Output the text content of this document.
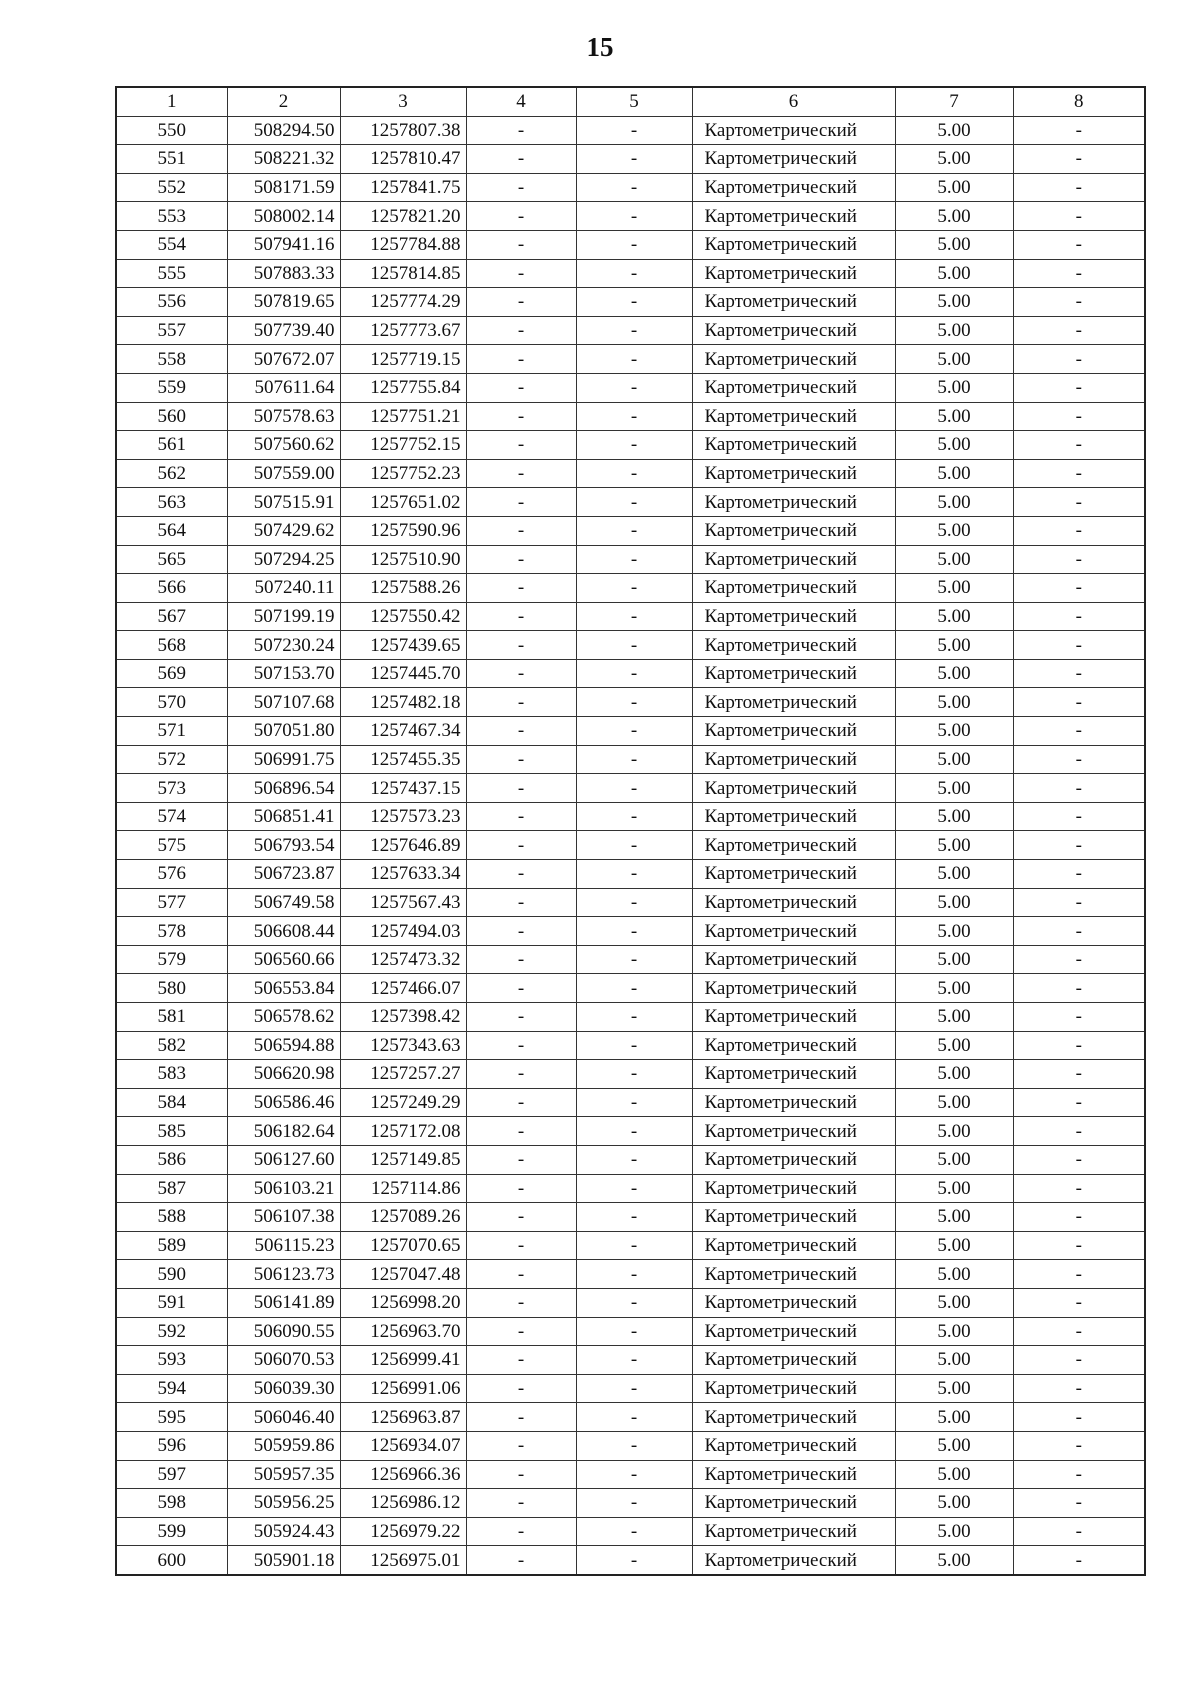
15
1	2	3	4	5	6	7	8
550	508294.50	1257807.38	-	-	Картометрический	5.00	-
551	508221.32	1257810.47	-	-	Картометрический	5.00	-
552	508171.59	1257841.75	-	-	Картометрический	5.00	-
553	508002.14	1257821.20	-	-	Картометрический	5.00	-
554	507941.16	1257784.88	-	-	Картометрический	5.00	-
555	507883.33	1257814.85	-	-	Картометрический	5.00	-
556	507819.65	1257774.29	-	-	Картометрический	5.00	-
557	507739.40	1257773.67	-	-	Картометрический	5.00	-
558	507672.07	1257719.15	-	-	Картометрический	5.00	-
559	507611.64	1257755.84	-	-	Картометрический	5.00	-
560	507578.63	1257751.21	-	-	Картометрический	5.00	-
561	507560.62	1257752.15	-	-	Картометрический	5.00	-
562	507559.00	1257752.23	-	-	Картометрический	5.00	-
563	507515.91	1257651.02	-	-	Картометрический	5.00	-
564	507429.62	1257590.96	-	-	Картометрический	5.00	-
565	507294.25	1257510.90	-	-	Картометрический	5.00	-
566	507240.11	1257588.26	-	-	Картометрический	5.00	-
567	507199.19	1257550.42	-	-	Картометрический	5.00	-
568	507230.24	1257439.65	-	-	Картометрический	5.00	-
569	507153.70	1257445.70	-	-	Картометрический	5.00	-
570	507107.68	1257482.18	-	-	Картометрический	5.00	-
571	507051.80	1257467.34	-	-	Картометрический	5.00	-
572	506991.75	1257455.35	-	-	Картометрический	5.00	-
573	506896.54	1257437.15	-	-	Картометрический	5.00	-
574	506851.41	1257573.23	-	-	Картометрический	5.00	-
575	506793.54	1257646.89	-	-	Картометрический	5.00	-
576	506723.87	1257633.34	-	-	Картометрический	5.00	-
577	506749.58	1257567.43	-	-	Картометрический	5.00	-
578	506608.44	1257494.03	-	-	Картометрический	5.00	-
579	506560.66	1257473.32	-	-	Картометрический	5.00	-
580	506553.84	1257466.07	-	-	Картометрический	5.00	-
581	506578.62	1257398.42	-	-	Картометрический	5.00	-
582	506594.88	1257343.63	-	-	Картометрический	5.00	-
583	506620.98	1257257.27	-	-	Картометрический	5.00	-
584	506586.46	1257249.29	-	-	Картометрический	5.00	-
585	506182.64	1257172.08	-	-	Картометрический	5.00	-
586	506127.60	1257149.85	-	-	Картометрический	5.00	-
587	506103.21	1257114.86	-	-	Картометрический	5.00	-
588	506107.38	1257089.26	-	-	Картометрический	5.00	-
589	506115.23	1257070.65	-	-	Картометрический	5.00	-
590	506123.73	1257047.48	-	-	Картометрический	5.00	-
591	506141.89	1256998.20	-	-	Картометрический	5.00	-
592	506090.55	1256963.70	-	-	Картометрический	5.00	-
593	506070.53	1256999.41	-	-	Картометрический	5.00	-
594	506039.30	1256991.06	-	-	Картометрический	5.00	-
595	506046.40	1256963.87	-	-	Картометрический	5.00	-
596	505959.86	1256934.07	-	-	Картометрический	5.00	-
597	505957.35	1256966.36	-	-	Картометрический	5.00	-
598	505956.25	1256986.12	-	-	Картометрический	5.00	-
599	505924.43	1256979.22	-	-	Картометрический	5.00	-
600	505901.18	1256975.01	-	-	Картометрический	5.00	-
